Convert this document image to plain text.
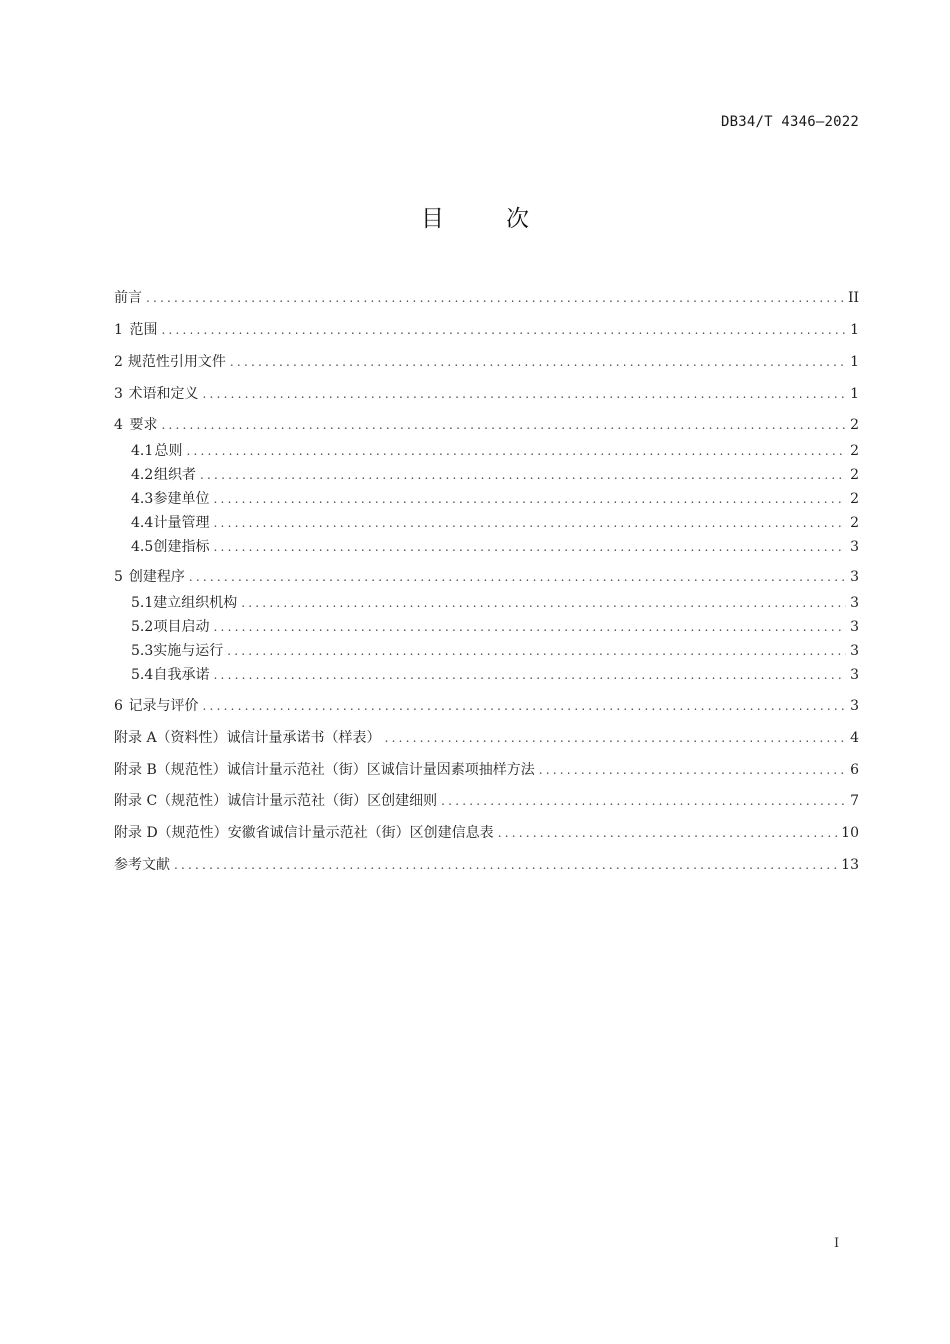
DB34/T 4346—2022
目	次
前言 .....	II
1 范围 .....	1
2 规范性引用文件 .....	1
3 术语和定义 .....	1
4 要求 .....	2
4.1 总则 .....	2
4.2 组织者 .....	2
4.3 参建单位 .....	2
4.4 计量管理 .....	2
4.5 创建指标 .....	3
5 创建程序 .....	3
5.1 建立组织机构 .....	3
5.2 项目启动 .....	3
5.3 实施与运行 .....	3
5.4 自我承诺 .....	3
6 记录与评价 .....	3
附录 A（资料性） 诚信计量承诺书（样表） .....	4
附录 B（规范性） 诚信计量示范社（街）区诚信计量因素项抽样方法 .....	6
附录 C（规范性） 诚信计量示范社（街）区创建细则 .....	7
附录 D（规范性） 安徽省诚信计量示范社（街）区创建信息表 .....	10
参考文献 .....	13
I
